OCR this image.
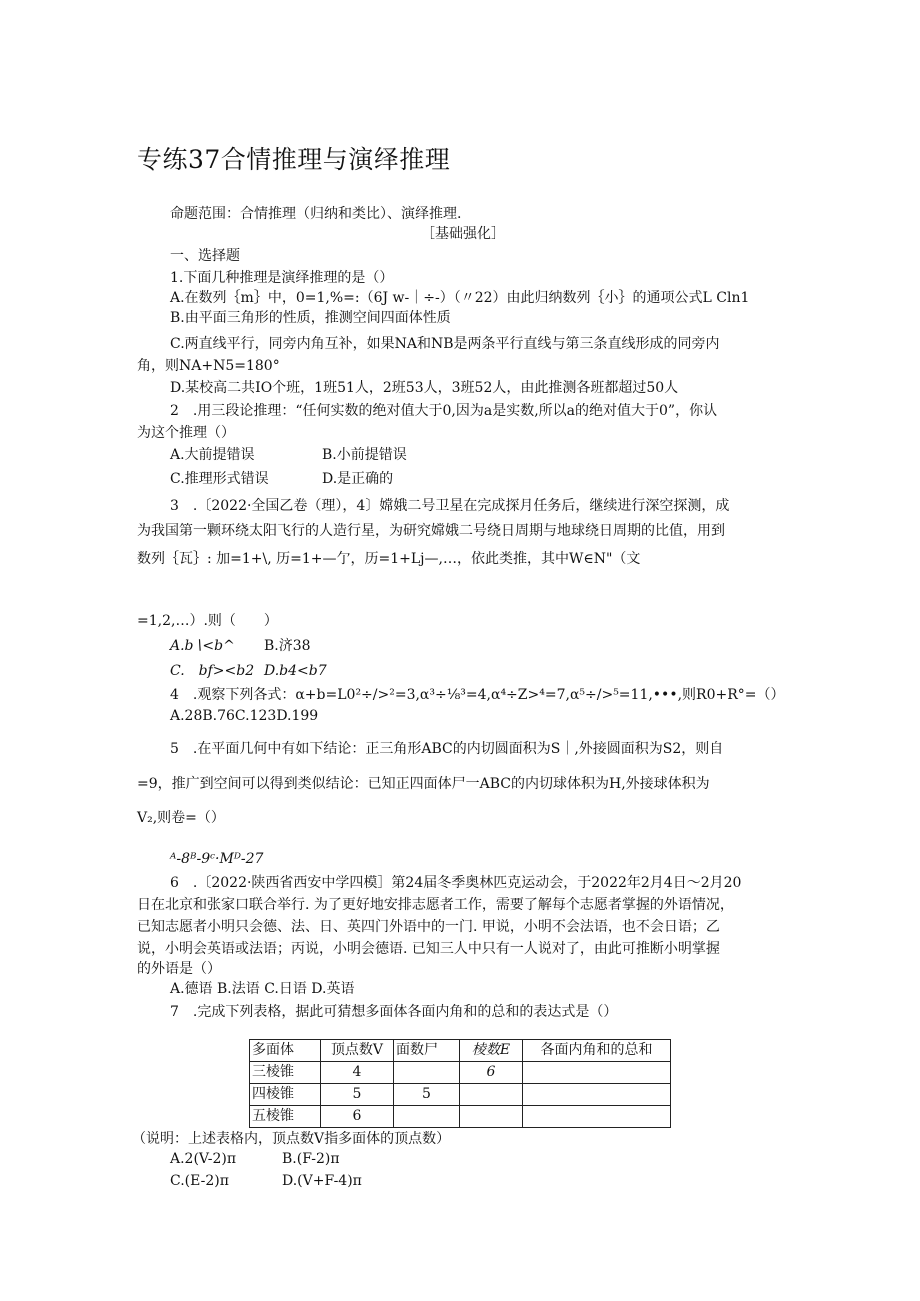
专练37合情推理与演绎推理
命题范围：合情推理（归纳和类比）、演绎推理.
［基础强化］
一、选择题
1.下面几种推理是演绎推理的是（）
A.在数列｛m｝中，0=1,%=:（6J w-｜÷-）（〃22）由此归纳数列｛小｝的通项公式L Cln1
B.由平面三角形的性质，推测空间四面体性质
C.两直线平行，同旁内角互补，如果NA和NB是两条平行直线与第三条直线形成的同旁内
角，则NA+N5=180°
D.某校高二共IO个班，1班51人，2班53人，3班52人，由此推测各班都超过50人
2　.用三段论推理：“任何实数的绝对值大于0,因为a是实数,所以a的绝对值大于0”，你认
为这个推理（）
A.大前提错误	B.小前提错误
C.推理形式错误	D.是正确的
3　.〔2022·全国乙卷（理），4〕嫦娥二号卫星在完成探月任务后，继续进行深空探测，成
为我国第一颗环绕太阳飞行的人造行星，为研究嫦娥二号绕日周期与地球绕日周期的比值，用到
数列｛瓦｝: 加=1+\, 历=1+—亇，历=1+Lj—,…，依此类推，其中W∈N"（文
=1,2,…）.则（　　）
A.b∖<b^ B.济38
C.　bf><b2 D.b4<b7
4　.观察下列各式：α+b=L0²÷/>²=3,α³÷⅛³=4,α⁴÷Z>⁴=7,α⁵÷/>⁵=11,•••,则R0+R°=（）
A.28B.76C.123D.199
5　.在平面几何中有如下结论：正三角形ABC的内切圆面积为S｜,外接圆面积为S2，则自
=9，推广到空间可以得到类似结论：已知正四面体尸一ABC的内切球体积为H,外接球体积为
V₂,则卷=（）
ᴬ-8ᴮ-9ᶜ·Mᴰ-27
6　.〔2022·陕西省西安中学四模］第24届冬季奥林匹克运动会，于2022年2月4日～2月20
日在北京和张家口联合举行. 为了更好地安排志愿者工作，需要了解每个志愿者掌握的外语情况，
已知志愿者小明只会德、法、日、英四门外语中的一门. 甲说，小明不会法语，也不会日语；乙
说，小明会英语或法语；丙说，小明会德语. 已知三人中只有一人说对了，由此可推断小明掌握
的外语是（）
A.德语 B.法语 C.日语 D.英语
7　.完成下列表格，据此可猜想多面体各面内角和的总和的表达式是（）
多面体	顶点数V	面数尸	棱数E	各面内角和的总和
三棱锥	4		6	
四棱锥	5	5		
五棱锥	6			
（说明：上述表格内，顶点数V指多面体的顶点数）
A.2(V-2)π	B.(F-2)π
C.(E-2)π	D.(V+F-4)π
